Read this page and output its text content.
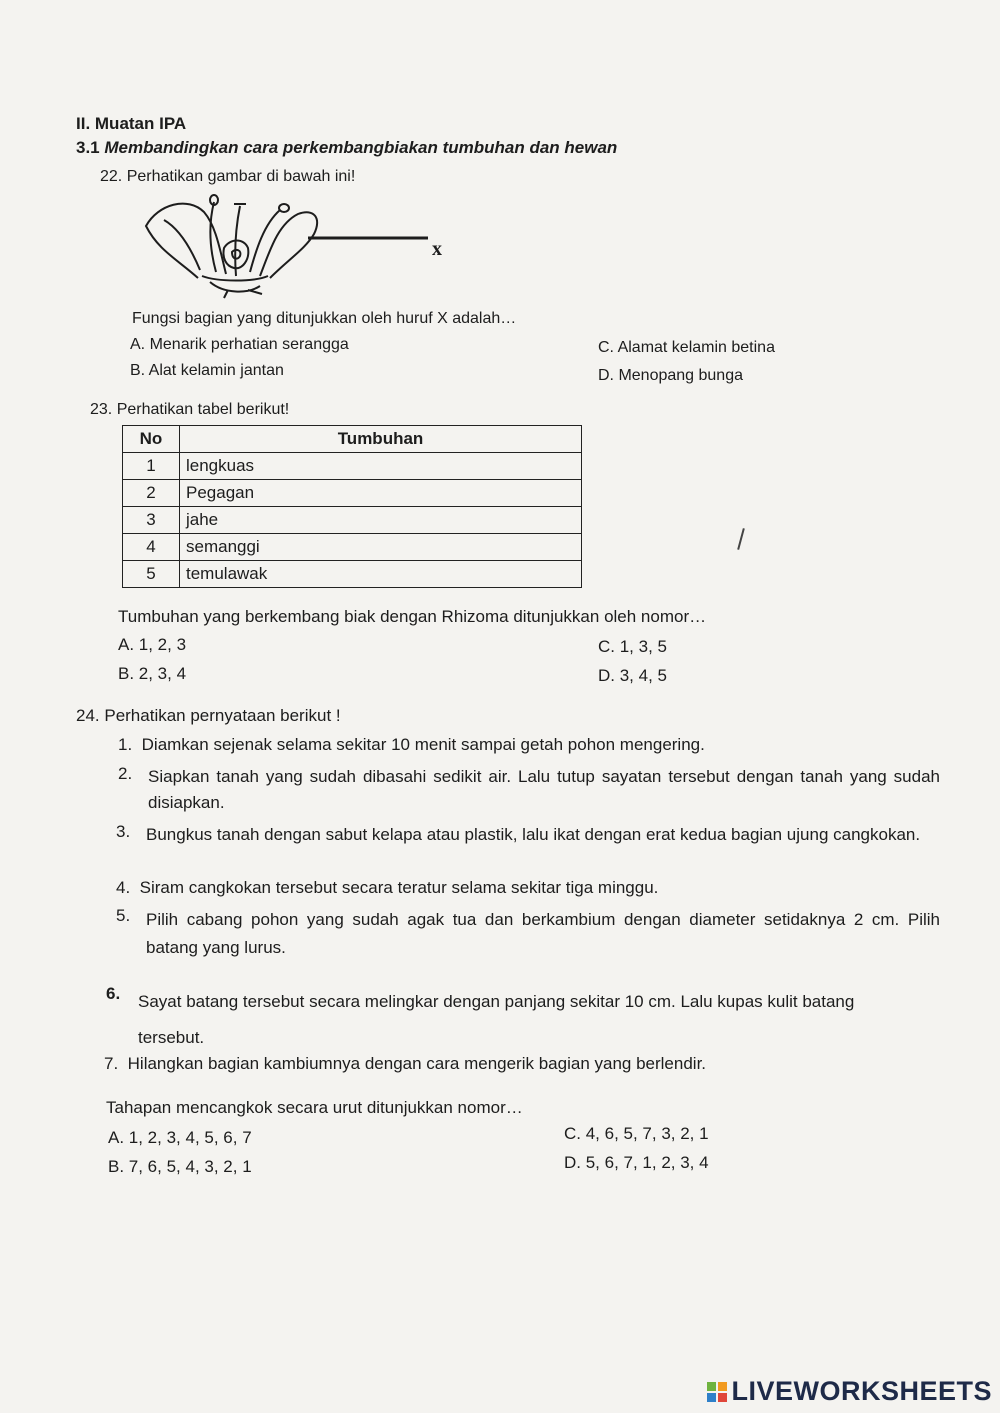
II. Muatan IPA
3.1 Membandingkan cara perkembangbiakan tumbuhan dan hewan
22. Perhatikan gambar di bawah ini!
x
Fungsi bagian yang ditunjukkan oleh huruf X adalah…
A. Menarik perhatian serangga	C. Alamat kelamin betina
B. Alat kelamin jantan	D. Menopang bunga
23. Perhatikan tabel berikut!
No	Tumbuhan
1	lengkuas
2	Pegagan
3	jahe
4	semanggi
5	temulawak
Tumbuhan yang berkembang biak dengan Rhizoma ditunjukkan oleh nomor…
A. 1, 2, 3	C. 1, 3, 5
B. 2, 3, 4	D. 3, 4, 5
24. Perhatikan pernyataan berikut !
1. Diamkan sejenak selama sekitar 10 menit sampai getah pohon mengering.
2. Siapkan tanah yang sudah dibasahi sedikit air. Lalu tutup sayatan tersebut dengan tanah yang sudah disiapkan.
3. Bungkus tanah dengan sabut kelapa atau plastik, lalu ikat dengan erat kedua bagian ujung cangkokan.
4. Siram cangkokan tersebut secara teratur selama sekitar tiga minggu.
5. Pilih cabang pohon yang sudah agak tua dan berkambium dengan diameter setidaknya 2 cm. Pilih batang yang lurus.
6. Sayat batang tersebut secara melingkar dengan panjang sekitar 10 cm. Lalu kupas kulit batang tersebut.
7. Hilangkan bagian kambiumnya dengan cara mengerik bagian yang berlendir.
Tahapan mencangkok secara urut ditunjukkan nomor…
A. 1, 2, 3, 4, 5, 6, 7	C. 4, 6, 5, 7, 3, 2, 1
B. 7, 6, 5, 4, 3, 2, 1	D. 5, 6, 7, 1, 2, 3, 4
LIVEWORKSHEETS
